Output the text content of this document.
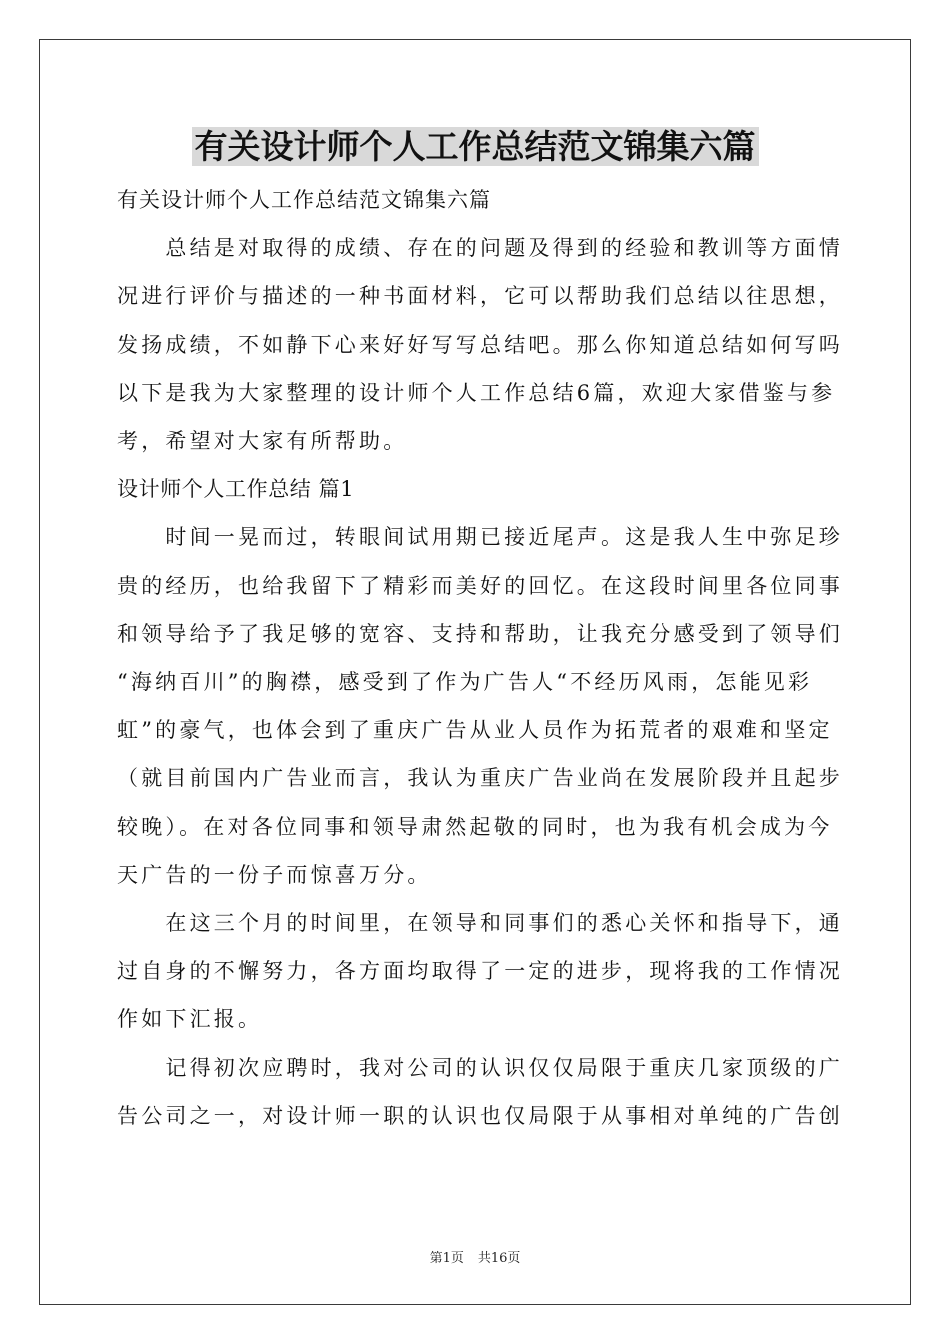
有关设计师个人工作总结范文锦集六篇

有关设计师个人工作总结范文锦集六篇

　　总结是对取得的成绩、存在的问题及得到的经验和教训等方面情

况进行评价与描述的一种书面材料，它可以帮助我们总结以往思想，

发扬成绩，不如静下心来好好写写总结吧。那么你知道总结如何写吗

以下是我为大家整理的设计师个人工作总结6篇，欢迎大家借鉴与参

考，希望对大家有所帮助。

设计师个人工作总结 篇1

　　时间一晃而过，转眼间试用期已接近尾声。这是我人生中弥足珍

贵的经历，也给我留下了精彩而美好的回忆。在这段时间里各位同事

和领导给予了我足够的宽容、支持和帮助，让我充分感受到了领导们

“海纳百川”的胸襟，感受到了作为广告人“不经历风雨，怎能见彩

虹”的豪气，也体会到了重庆广告从业人员作为拓荒者的艰难和坚定

（就目前国内广告业而言，我认为重庆广告业尚在发展阶段并且起步

较晚）。在对各位同事和领导肃然起敬的同时，也为我有机会成为今

天广告的一份子而惊喜万分。

　　在这三个月的时间里，在领导和同事们的悉心关怀和指导下，通

过自身的不懈努力，各方面均取得了一定的进步，现将我的工作情况

作如下汇报。

　　记得初次应聘时，我对公司的认识仅仅局限于重庆几家顶级的广

告公司之一，对设计师一职的认识也仅局限于从事相对单纯的广告创

第1页 共16页
